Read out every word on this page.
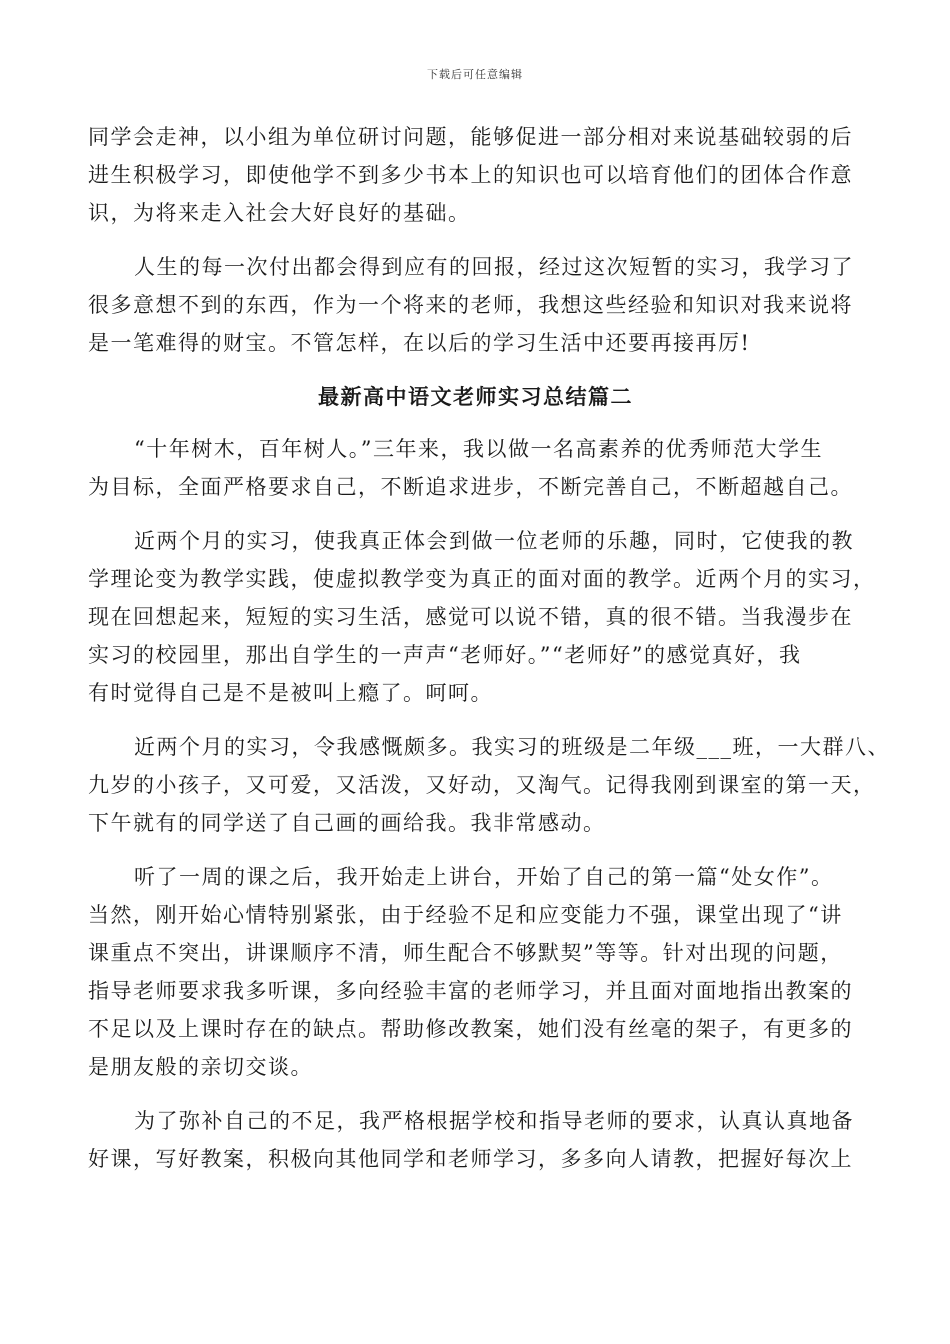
下载后可任意编辑
同学会走神，以小组为单位研讨问题，能够促进一部分相对来说基础较弱的后
进生积极学习，即使他学不到多少书本上的知识也可以培育他们的团体合作意
识，为将来走入社会大好良好的基础。
人生的每一次付出都会得到应有的回报，经过这次短暂的实习，我学习了
很多意想不到的东西，作为一个将来的老师，我想这些经验和知识对我来说将
是一笔难得的财宝。不管怎样，在以后的学习生活中还要再接再厉!
最新高中语文老师实习总结篇二
“十年树木，百年树人。”三年来，我以做一名高素养的优秀师范大学生
为目标，全面严格要求自己，不断追求进步，不断完善自己，不断超越自己。
近两个月的实习，使我真正体会到做一位老师的乐趣，同时，它使我的教
学理论变为教学实践，使虚拟教学变为真正的面对面的教学。近两个月的实习，
现在回想起来，短短的实习生活，感觉可以说不错，真的很不错。当我漫步在
实习的校园里，那出自学生的一声声“老师好。”“老师好”的感觉真好，我
有时觉得自己是不是被叫上瘾了。呵呵。
近两个月的实习，令我感慨颇多。我实习的班级是二年级___班，一大群八、
九岁的小孩子，又可爱，又活泼，又好动，又淘气。记得我刚到课室的第一天，
下午就有的同学送了自己画的画给我。我非常感动。
听了一周的课之后，我开始走上讲台，开始了自己的第一篇“处女作”。
当然，刚开始心情特别紧张，由于经验不足和应变能力不强，课堂出现了“讲
课重点不突出，讲课顺序不清，师生配合不够默契”等等。针对出现的问题，
指导老师要求我多听课，多向经验丰富的老师学习，并且面对面地指出教案的
不足以及上课时存在的缺点。帮助修改教案，她们没有丝毫的架子，有更多的
是朋友般的亲切交谈。
为了弥补自己的不足，我严格根据学校和指导老师的要求，认真认真地备
好课，写好教案，积极向其他同学和老师学习，多多向人请教，把握好每次上
